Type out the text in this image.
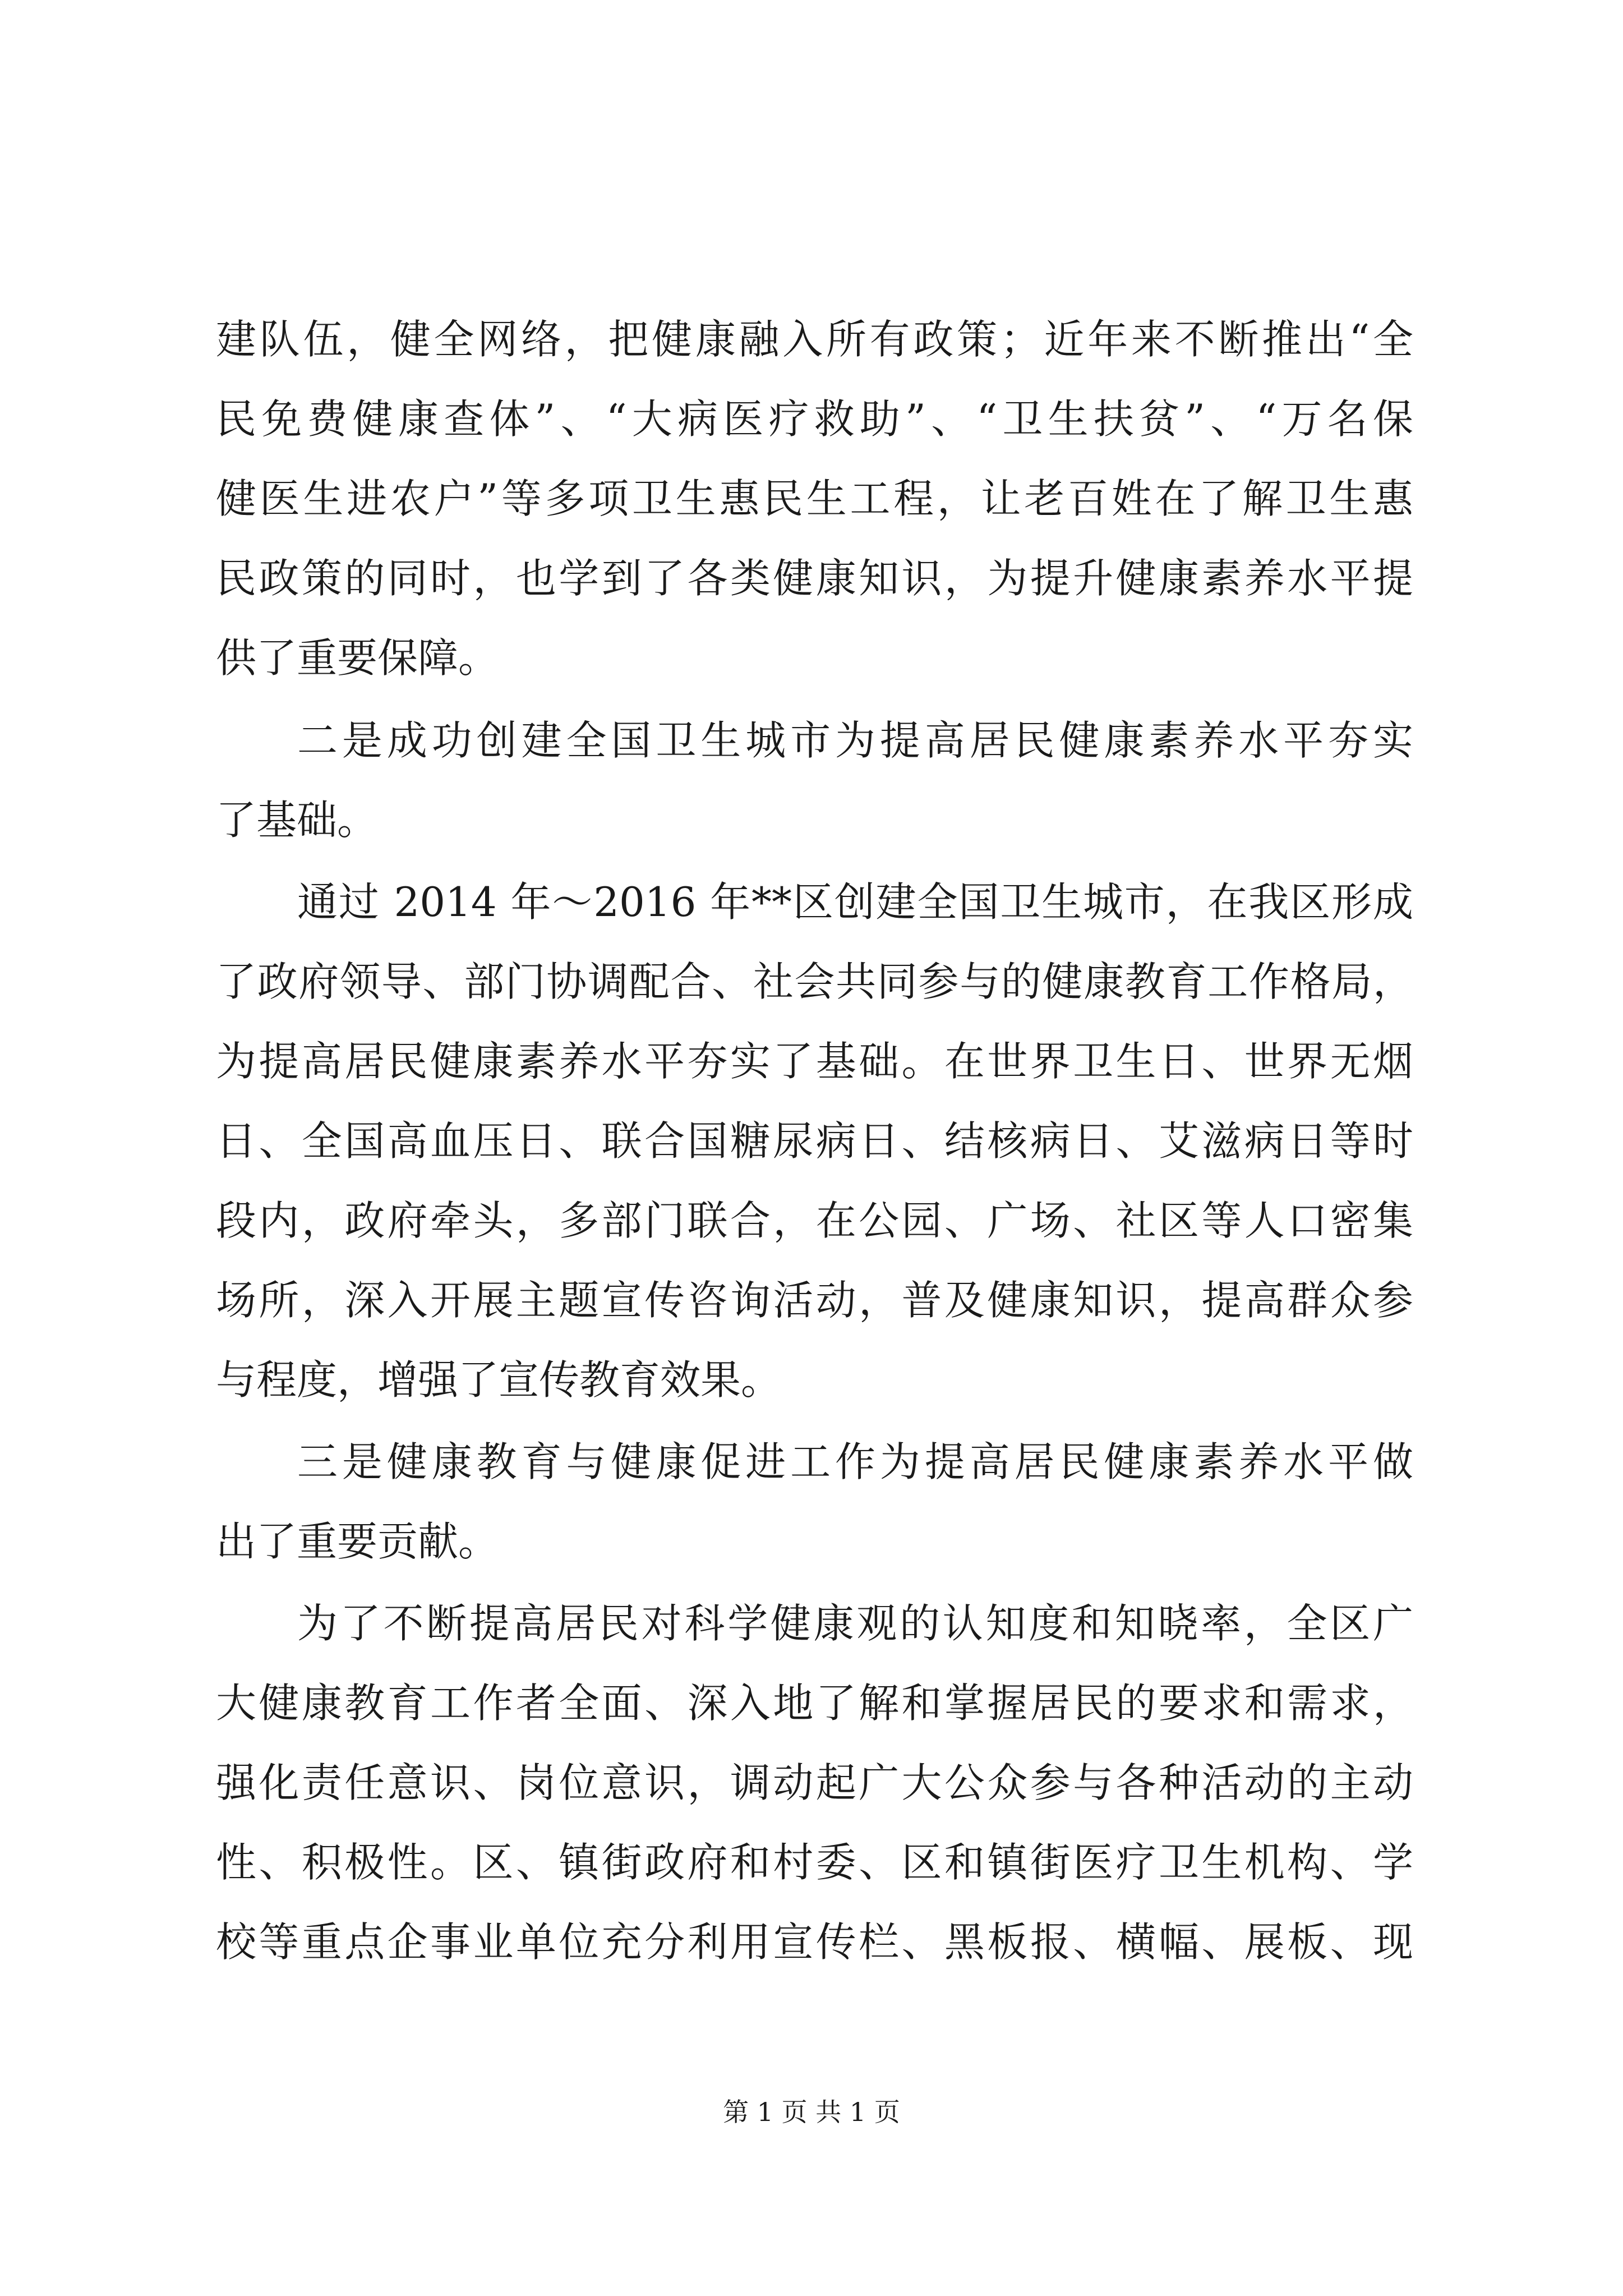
建队伍，健全网络，把健康融入所有政策；近年来不断推出“全
民免费健康查体”、“大病医疗救助”、“卫生扶贫”、“万名保
健医生进农户”等多项卫生惠民生工程，让老百姓在了解卫生惠
民政策的同时，也学到了各类健康知识，为提升健康素养水平提
供了重要保障。
二是成功创建全国卫生城市为提高居民健康素养水平夯实
了基础。
通过 2014 年～2016 年**区创建全国卫生城市，在我区形成
了政府领导、部门协调配合、社会共同参与的健康教育工作格局，
为提高居民健康素养水平夯实了基础。在世界卫生日、世界无烟
日、全国高血压日、联合国糖尿病日、结核病日、艾滋病日等时
段内，政府牵头，多部门联合，在公园、广场、社区等人口密集
场所，深入开展主题宣传咨询活动，普及健康知识，提高群众参
与程度，增强了宣传教育效果。
三是健康教育与健康促进工作为提高居民健康素养水平做
出了重要贡献。
为了不断提高居民对科学健康观的认知度和知晓率，全区广
大健康教育工作者全面、深入地了解和掌握居民的要求和需求，
强化责任意识、岗位意识，调动起广大公众参与各种活动的主动
性、积极性。区、镇街政府和村委、区和镇街医疗卫生机构、学
校等重点企事业单位充分利用宣传栏、黑板报、横幅、展板、现
第 1 页 共 1 页
